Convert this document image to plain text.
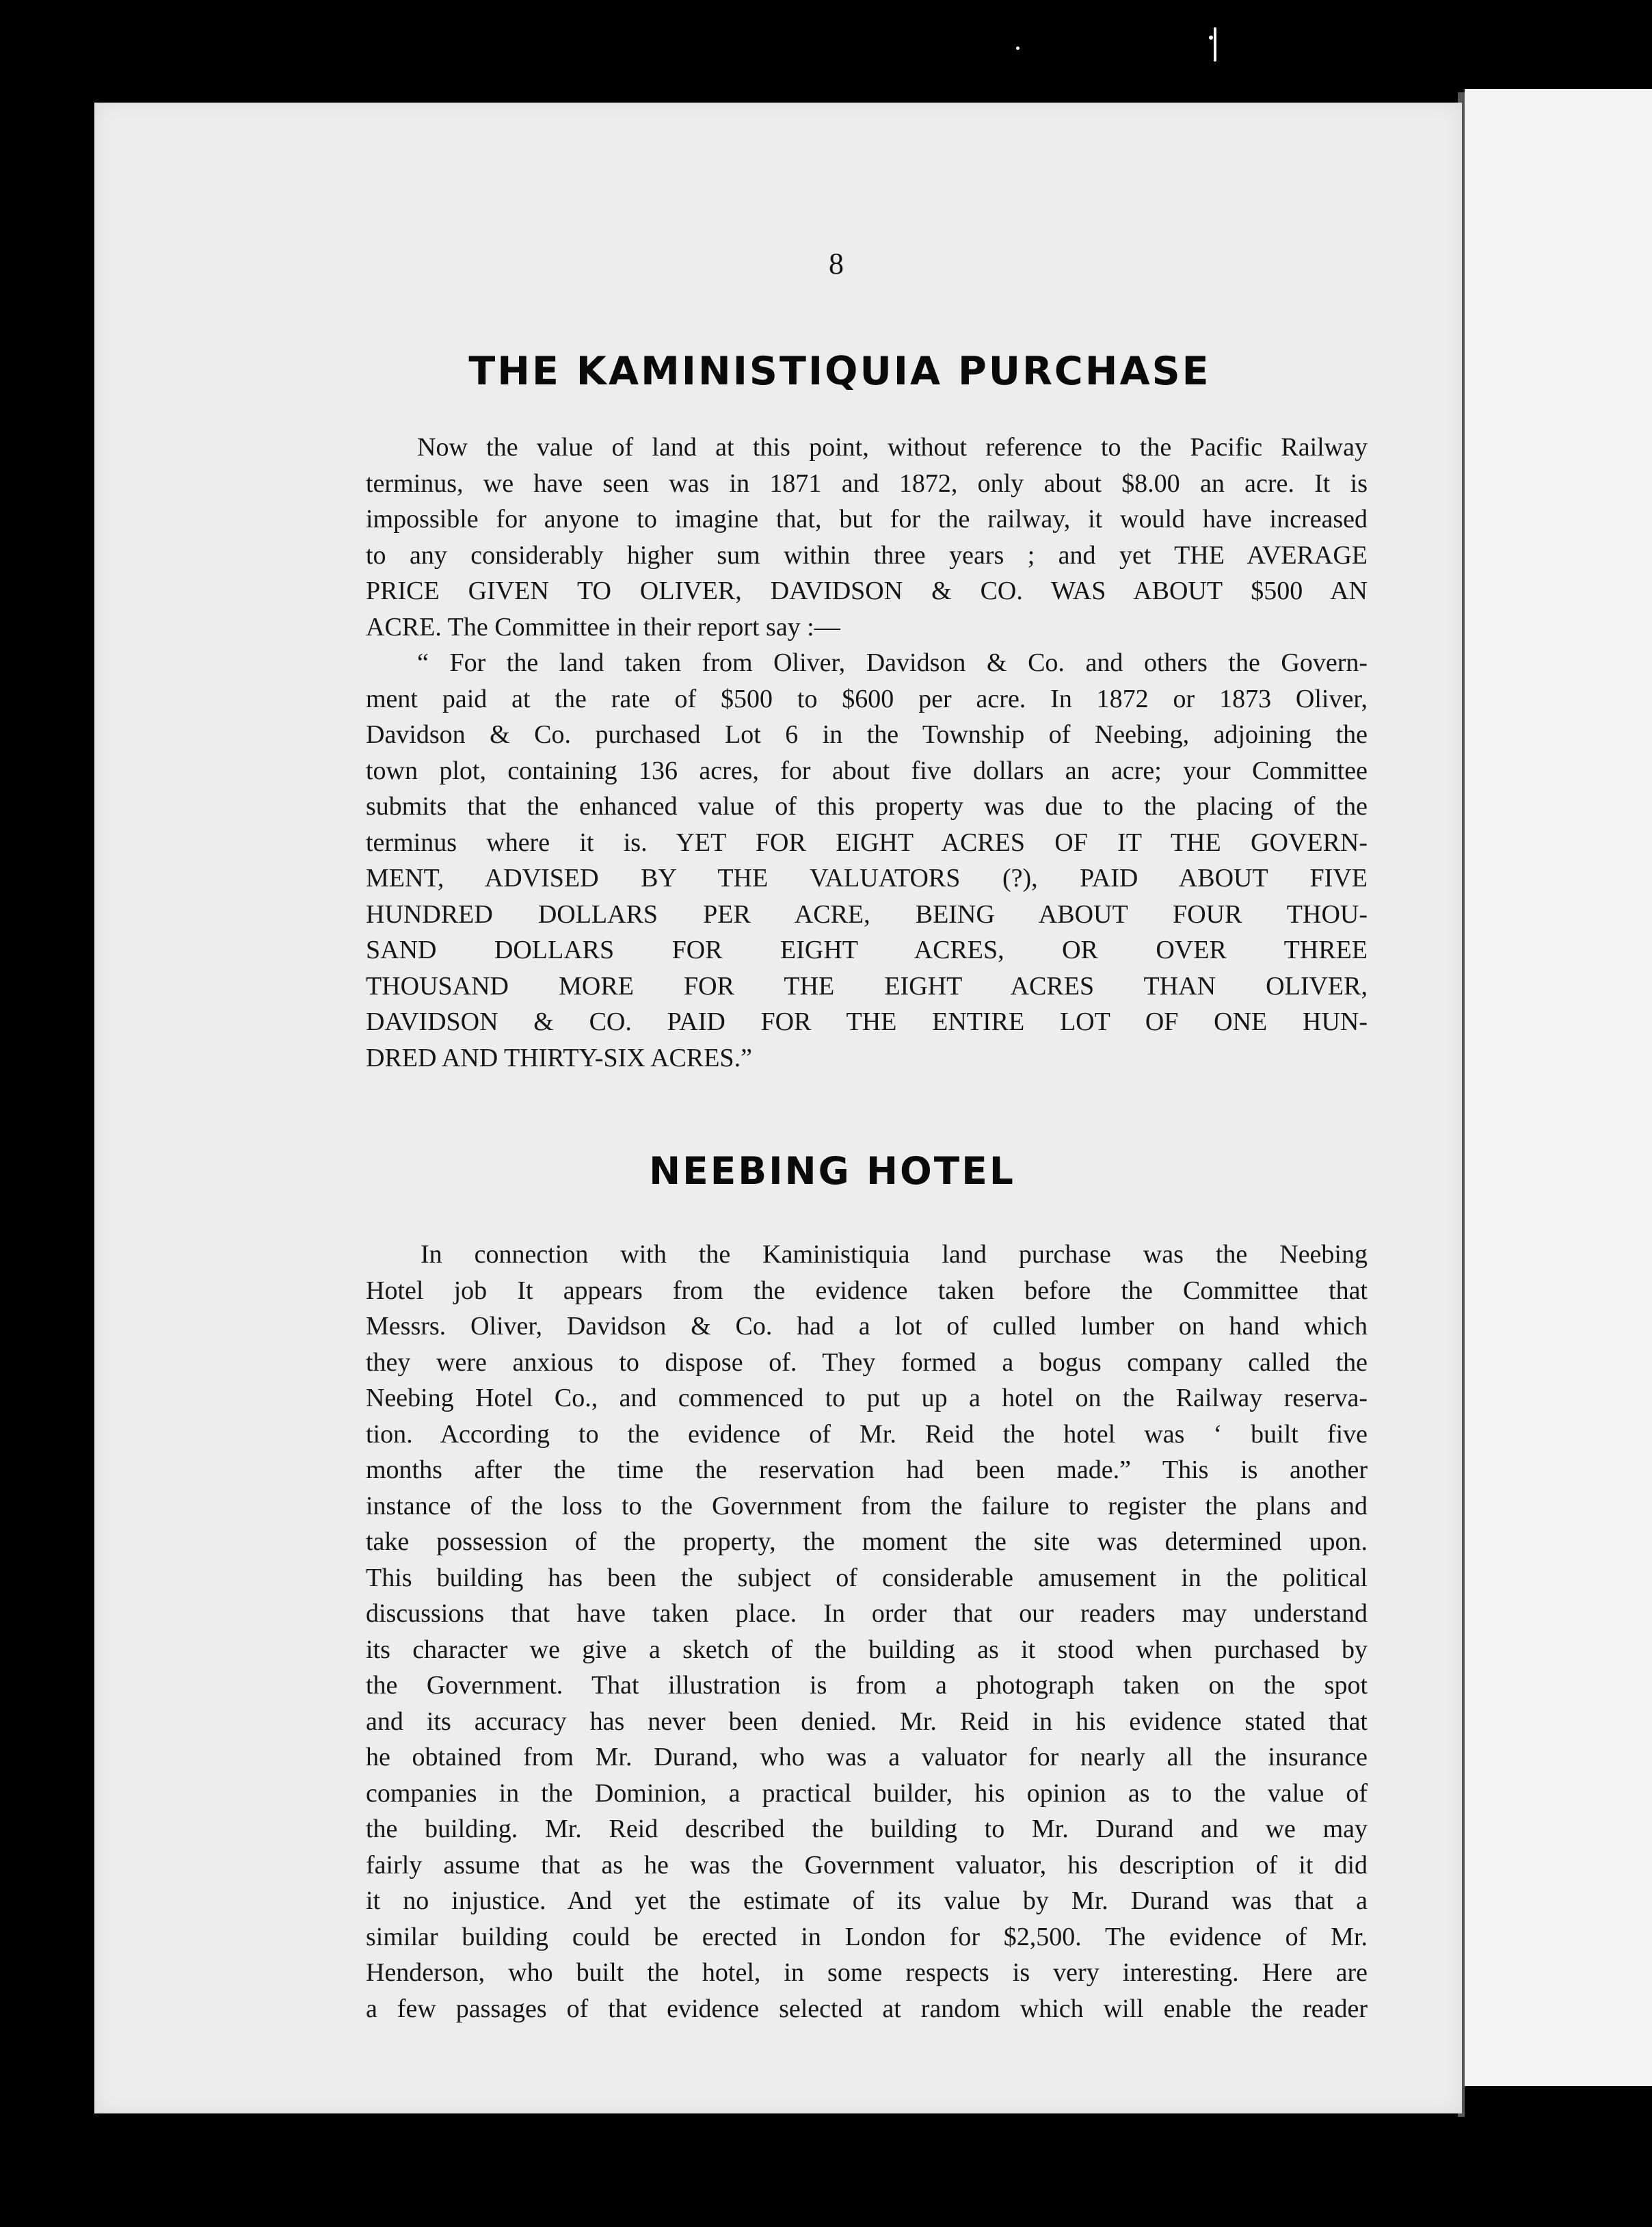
8
THE KAMINISTIQUIA PURCHASE
Now the value of land at this point, without reference to the Pacific Railway
terminus, we have seen was in 1871 and 1872, only about $8.00 an acre. It is
impossible for anyone to imagine that, but for the railway, it would have increased
to any considerably higher sum within three years ; and yet THE AVERAGE
PRICE GIVEN TO OLIVER, DAVIDSON & CO. WAS ABOUT $500 AN
ACRE. The Committee in their report say :—
“ For the land taken from Oliver, Davidson & Co. and others the Govern-
ment paid at the rate of $500 to $600 per acre. In 1872 or 1873 Oliver,
Davidson & Co. purchased Lot 6 in the Township of Neebing, adjoining the
town plot, containing 136 acres, for about five dollars an acre; your Committee
submits that the enhanced value of this property was due to the placing of the
terminus where it is. YET FOR EIGHT ACRES OF IT THE GOVERN-
MENT, ADVISED BY THE VALUATORS (?), PAID ABOUT FIVE
HUNDRED DOLLARS PER ACRE, BEING ABOUT FOUR THOU-
SAND DOLLARS FOR EIGHT ACRES, OR OVER THREE
THOUSAND MORE FOR THE EIGHT ACRES THAN OLIVER,
DAVIDSON & CO. PAID FOR THE ENTIRE LOT OF ONE HUN-
DRED AND THIRTY-SIX ACRES.”
NEEBING HOTEL
In connection with the Kaministiquia land purchase was the Neebing
Hotel job It appears from the evidence taken before the Committee that
Messrs. Oliver, Davidson & Co. had a lot of culled lumber on hand which
they were anxious to dispose of. They formed a bogus company called the
Neebing Hotel Co., and commenced to put up a hotel on the Railway reserva-
tion. According to the evidence of Mr. Reid the hotel was ‘ built five
months after the time the reservation had been made.” This is another
instance of the loss to the Government from the failure to register the plans and
take possession of the property, the moment the site was determined upon.
This building has been the subject of considerable amusement in the political
discussions that have taken place. In order that our readers may understand
its character we give a sketch of the building as it stood when purchased by
the Government. That illustration is from a photograph taken on the spot
and its accuracy has never been denied. Mr. Reid in his evidence stated that
he obtained from Mr. Durand, who was a valuator for nearly all the insurance
companies in the Dominion, a practical builder, his opinion as to the value of
the building. Mr. Reid described the building to Mr. Durand and we may
fairly assume that as he was the Government valuator, his description of it did
it no injustice. And yet the estimate of its value by Mr. Durand was that a
similar building could be erected in London for $2,500. The evidence of Mr.
Henderson, who built the hotel, in some respects is very interesting. Here are
a few passages of that evidence selected at random which will enable the reader
